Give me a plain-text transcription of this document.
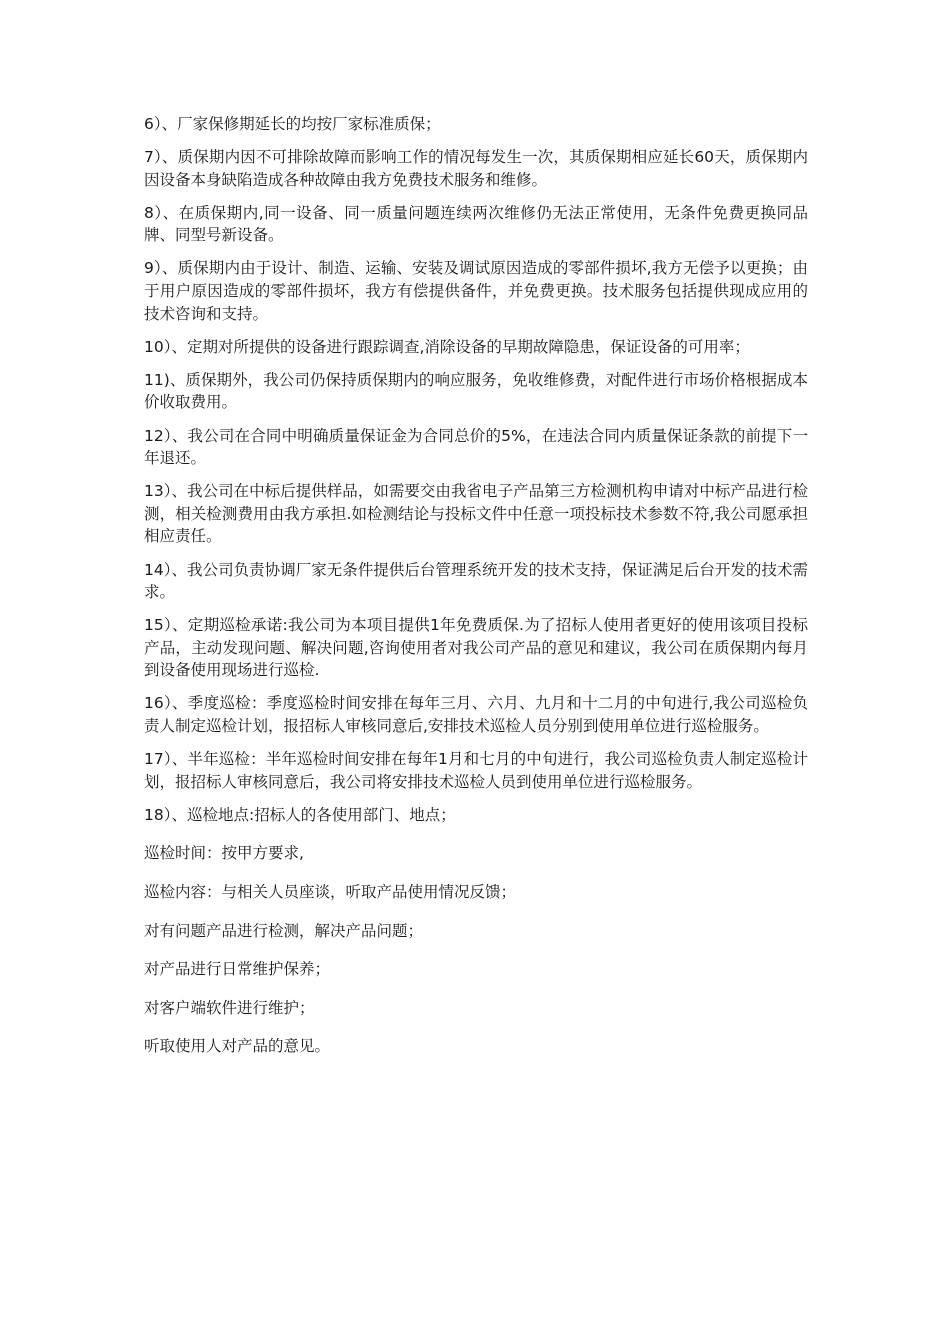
6）、厂家保修期延长的均按厂家标准质保；

7）、质保期内因不可排除故障而影响工作的情况每发生一次，其质保期相应延长60天，质保期内因设备本身缺陷造成各种故障由我方免费技术服务和维修。

8）、在质保期内,同一设备、同一质量问题连续两次维修仍无法正常使用，无条件免费更换同品牌、同型号新设备。

9）、质保期内由于设计、制造、运输、安装及调试原因造成的零部件损坏,我方无偿予以更换；由于用户原因造成的零部件损坏，我方有偿提供备件，并免费更换。技术服务包括提供现成应用的技术咨询和支持。

10）、定期对所提供的设备进行跟踪调查,消除设备的早期故障隐患，保证设备的可用率；

11)、质保期外，我公司仍保持质保期内的响应服务，免收维修费，对配件进行市场价格根据成本价收取费用。

12）、我公司在合同中明确质量保证金为合同总价的5%，在违法合同内质量保证条款的前提下一年退还。

13）、我公司在中标后提供样品，如需要交由我省电子产品第三方检测机构申请对中标产品进行检测，相关检测费用由我方承担.如检测结论与投标文件中任意一项投标技术参数不符,我公司愿承担相应责任。

14）、我公司负责协调厂家无条件提供后台管理系统开发的技术支持，保证满足后台开发的技术需求。

15）、定期巡检承诺:我公司为本项目提供1年免费质保.为了招标人使用者更好的使用该项目投标产品，主动发现问题、解决问题,咨询使用者对我公司产品的意见和建议，我公司在质保期内每月到设备使用现场进行巡检.

16）、季度巡检：季度巡检时间安排在每年三月、六月、九月和十二月的中旬进行,我公司巡检负责人制定巡检计划，报招标人审核同意后,安排技术巡检人员分别到使用单位进行巡检服务。

17）、半年巡检：半年巡检时间安排在每年1月和七月的中旬进行，我公司巡检负责人制定巡检计划，报招标人审核同意后，我公司将安排技术巡检人员到使用单位进行巡检服务。

18）、巡检地点:招标人的各使用部门、地点；

巡检时间：按甲方要求,

巡检内容：与相关人员座谈，听取产品使用情况反馈；

对有问题产品进行检测，解决产品问题；

对产品进行日常维护保养；

对客户端软件进行维护；

听取使用人对产品的意见。
